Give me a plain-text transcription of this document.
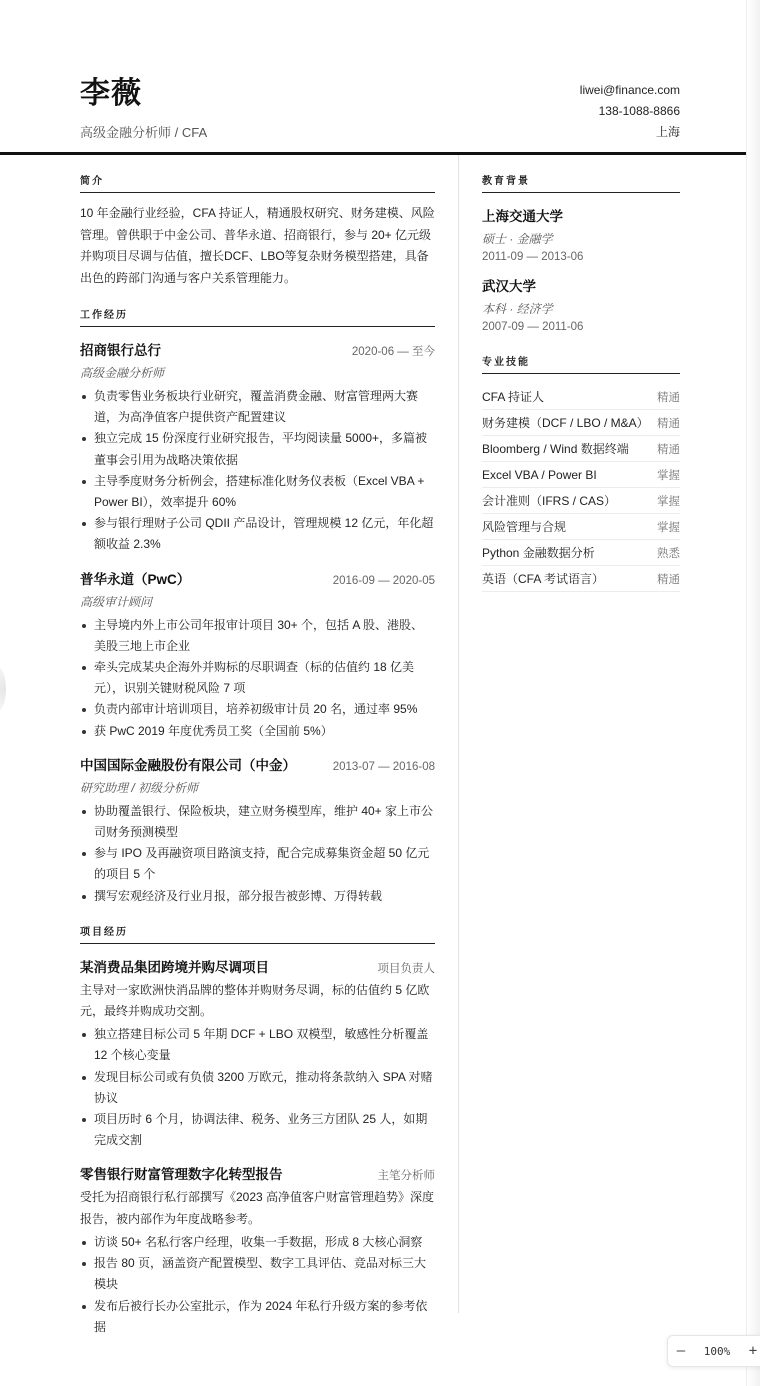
李薇
高级金融分析师 / CFA
liwei@finance.com
138-1088-8866
上海
简介
10 年金融行业经验，CFA 持证人，精通股权研究、财务建模、风险管理。曾供职于中金公司、普华永道、招商银行，参与 20+ 亿元级并购项目尽调与估值，擅长DCF、LBO等复杂财务模型搭建，具备出色的跨部门沟通与客户关系管理能力。
工作经历
招商银行总行	2020-06 — 至今
高级金融分析师
负责零售业务板块行业研究，覆盖消费金融、财富管理两大赛道，为高净值客户提供资产配置建议
独立完成 15 份深度行业研究报告，平均阅读量 5000+，多篇被董事会引用为战略决策依据
主导季度财务分析例会，搭建标准化财务仪表板（Excel VBA + Power BI），效率提升 60%
参与银行理财子公司 QDII 产品设计，管理规模 12 亿元，年化超额收益 2.3%
普华永道（PwC）	2016-09 — 2020-05
高级审计顾问
主导境内外上市公司年报审计项目 30+ 个，包括 A 股、港股、美股三地上市企业
牵头完成某央企海外并购标的尽职调查（标的估值约 18 亿美元），识别关键财税风险 7 项
负责内部审计培训项目，培养初级审计员 20 名，通过率 95%
获 PwC 2019 年度优秀员工奖（全国前 5%）
中国国际金融股份有限公司（中金）	2013-07 — 2016-08
研究助理 / 初级分析师
协助覆盖银行、保险板块，建立财务模型库，维护 40+ 家上市公司财务预测模型
参与 IPO 及再融资项目路演支持，配合完成募集资金超 50 亿元的项目 5 个
撰写宏观经济及行业月报，部分报告被彭博、万得转载
项目经历
某消费品集团跨境并购尽调项目	项目负责人
主导对一家欧洲快消品牌的整体并购财务尽调，标的估值约 5 亿欧元，最终并购成功交割。
独立搭建目标公司 5 年期 DCF + LBO 双模型，敏感性分析覆盖 12 个核心变量
发现目标公司或有负债 3200 万欧元，推动将条款纳入 SPA 对赌协议
项目历时 6 个月，协调法律、税务、业务三方团队 25 人，如期完成交割
零售银行财富管理数字化转型报告	主笔分析师
受托为招商银行私行部撰写《2023 高净值客户财富管理趋势》深度报告，被内部作为年度战略参考。
访谈 50+ 名私行客户经理，收集一手数据，形成 8 大核心洞察
报告 80 页，涵盖资产配置模型、数字工具评估、竞品对标三大模块
发布后被行长办公室批示，作为 2024 年私行升级方案的参考依据
教育背景
上海交通大学
硕士 · 金融学
2011-09 — 2013-06
武汉大学
本科 · 经济学
2007-09 — 2011-06
专业技能
CFA 持证人	精通
财务建模（DCF / LBO / M&A） 精通
Bloomberg / Wind 数据终端 精通
Excel VBA / Power BI	掌握
会计准则（IFRS / CAS）	掌握
风险管理与合规	掌握
Python 金融数据分析	熟悉
英语（CFA 考试语言）	精通
—	100%	+
